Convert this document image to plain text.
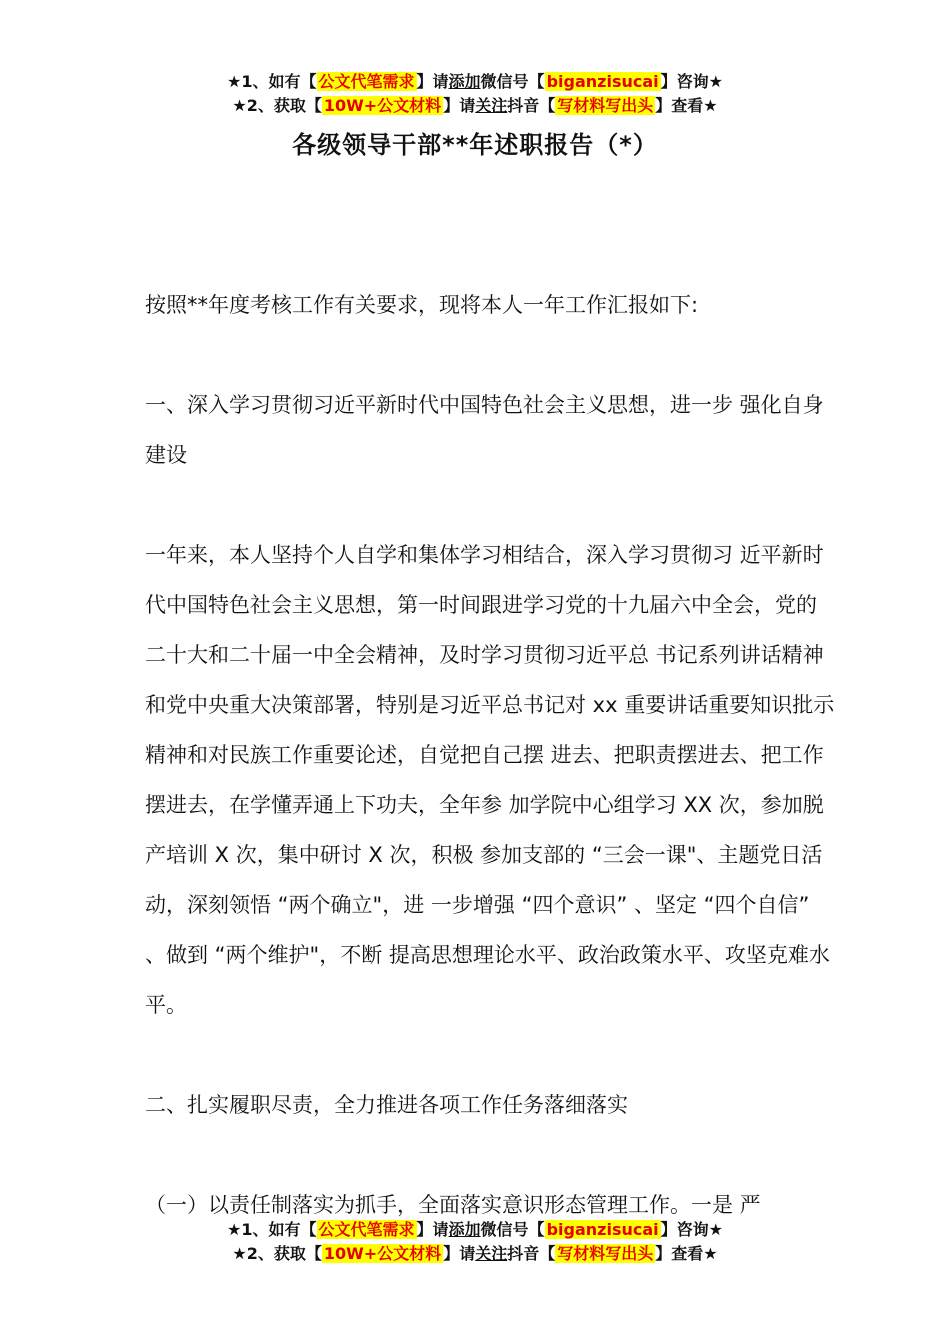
★1、如有【 公文代笔需求 】请添加微信号【 biganzisucai 】咨询★
★2、获取【 10W+公文材料 】请关注抖音【 写材料写出头 】查看★
各级领导干部**年述职报告（*）

按照**年度考核工作有关要求，现将本人一年工作汇报如下:

一、深入学习贯彻习近平新时代中国特色社会主义思想，进一步 强化自身建设

一年来，本人坚持个人自学和集体学习相结合，深入学习贯彻习 近平新时代中国特色社会主义思想，第一时间跟进学习党的十九届六中全会，党的二十大和二十届一中全会精神，及时学习贯彻习近平总 书记系列讲话精神和党中央重大决策部署，特别是习近平总书记对 xx 重要讲话重要知识批示精神和对民族工作重要论述，自觉把自己摆 进去、把职责摆进去、把工作摆进去，在学懂弄通上下功夫，全年参 加学院中心组学习 XX 次，参加脱产培训 X 次，集中研讨 X 次，积极 参加支部的 “三会一课"、主题党日活动，深刻领悟 “两个确立"，进 一步增强 “四个意识” 、坚定 “四个自信” 、做到 “两个维护"，不断 提高思想理论水平、政治政策水平、攻坚克难水平。

二、扎实履职尽责，全力推进各项工作任务落细落实

（一）以责任制落实为抓手，全面落实意识形态管理工作。一是 严

★1、如有【 公文代笔需求 】请添加微信号【 biganzisucai 】咨询★
★2、获取【 10W+公文材料 】请关注抖音【 写材料写出头 】查看★
